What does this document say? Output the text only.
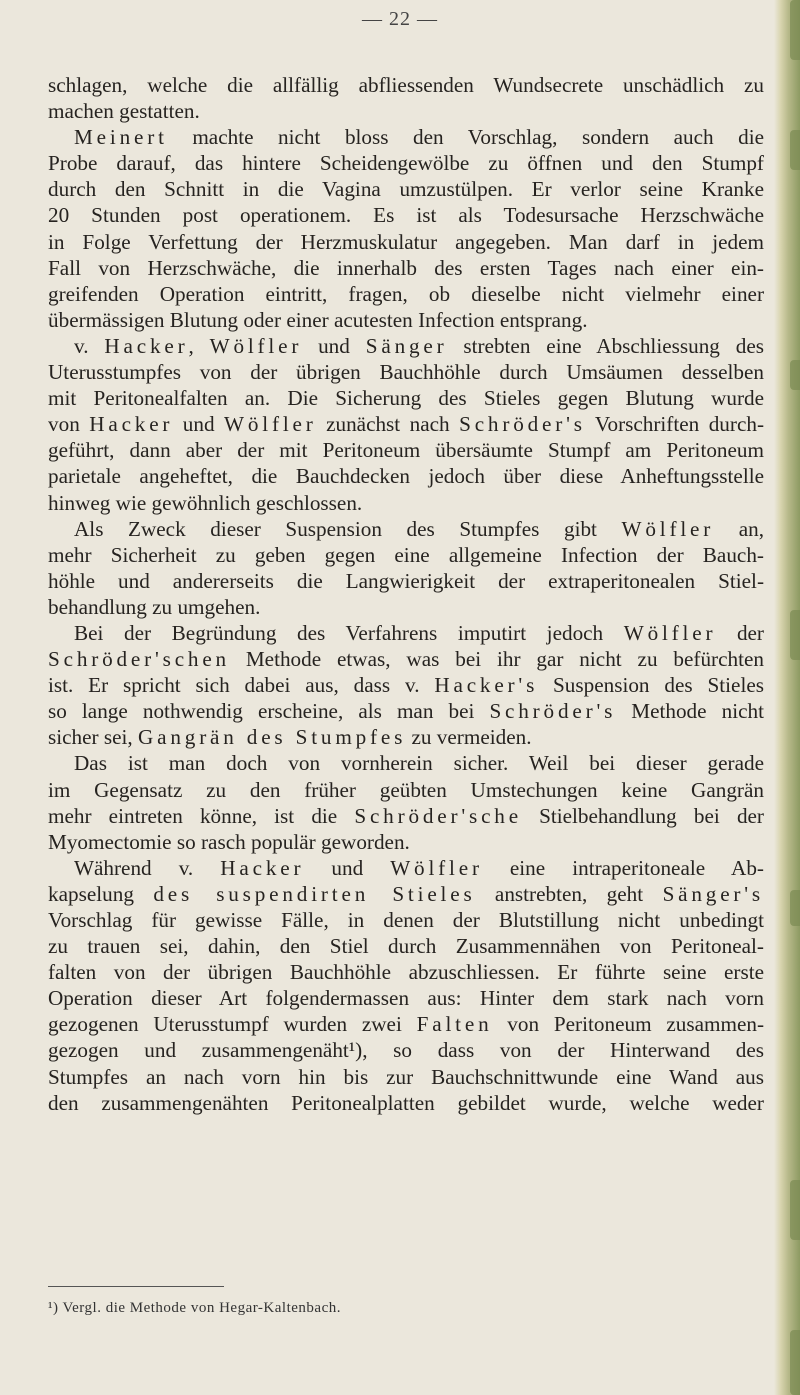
— 22 —
schlagen, welche die allfällig abfliessenden Wundsecrete unschädlich zu
machen gestatten.
Meinert machte nicht bloss den Vorschlag, sondern auch die
Probe darauf, das hintere Scheidengewölbe zu öffnen und den Stumpf
durch den Schnitt in die Vagina umzustülpen. Er verlor seine Kranke
20 Stunden post operationem. Es ist als Todesursache Herzschwäche
in Folge Verfettung der Herzmuskulatur angegeben. Man darf in jedem
Fall von Herzschwäche, die innerhalb des ersten Tages nach einer ein-
greifenden Operation eintritt, fragen, ob dieselbe nicht vielmehr einer
übermässigen Blutung oder einer acutesten Infection entsprang.
v. Hacker, Wölfler und Sänger strebten eine Abschliessung des
Uterusstumpfes von der übrigen Bauchhöhle durch Umsäumen desselben
mit Peritonealfalten an. Die Sicherung des Stieles gegen Blutung wurde
von Hacker und Wölfler zunächst nach Schröder's Vorschriften durch-
geführt, dann aber der mit Peritoneum übersäumte Stumpf am Peritoneum
parietale angeheftet, die Bauchdecken jedoch über diese Anheftungsstelle
hinweg wie gewöhnlich geschlossen.
Als Zweck dieser Suspension des Stumpfes gibt Wölfler an,
mehr Sicherheit zu geben gegen eine allgemeine Infection der Bauch-
höhle und andererseits die Langwierigkeit der extraperitonealen Stiel-
behandlung zu umgehen.
Bei der Begründung des Verfahrens imputirt jedoch Wölfler der
Schröder'schen Methode etwas, was bei ihr gar nicht zu befürchten
ist. Er spricht sich dabei aus, dass v. Hacker's Suspension des Stieles
so lange nothwendig erscheine, als man bei Schröder's Methode nicht
sicher sei, Gangrän des Stumpfes zu vermeiden.
Das ist man doch von vornherein sicher. Weil bei dieser gerade
im Gegensatz zu den früher geübten Umstechungen keine Gangrän
mehr eintreten könne, ist die Schröder'sche Stielbehandlung bei der
Myomectomie so rasch populär geworden.
Während v. Hacker und Wölfler eine intraperitoneale Ab-
kapselung des suspendirten Stieles anstrebten, geht Sänger's
Vorschlag für gewisse Fälle, in denen der Blutstillung nicht unbedingt
zu trauen sei, dahin, den Stiel durch Zusammennähen von Peritoneal-
falten von der übrigen Bauchhöhle abzuschliessen. Er führte seine erste
Operation dieser Art folgendermassen aus: Hinter dem stark nach vorn
gezogenen Uterusstumpf wurden zwei Falten von Peritoneum zusammen-
gezogen und zusammengenäht¹), so dass von der Hinterwand des
Stumpfes an nach vorn hin bis zur Bauchschnittwunde eine Wand aus
den zusammengenähten Peritonealplatten gebildet wurde, welche weder
¹) Vergl. die Methode von Hegar-Kaltenbach.
